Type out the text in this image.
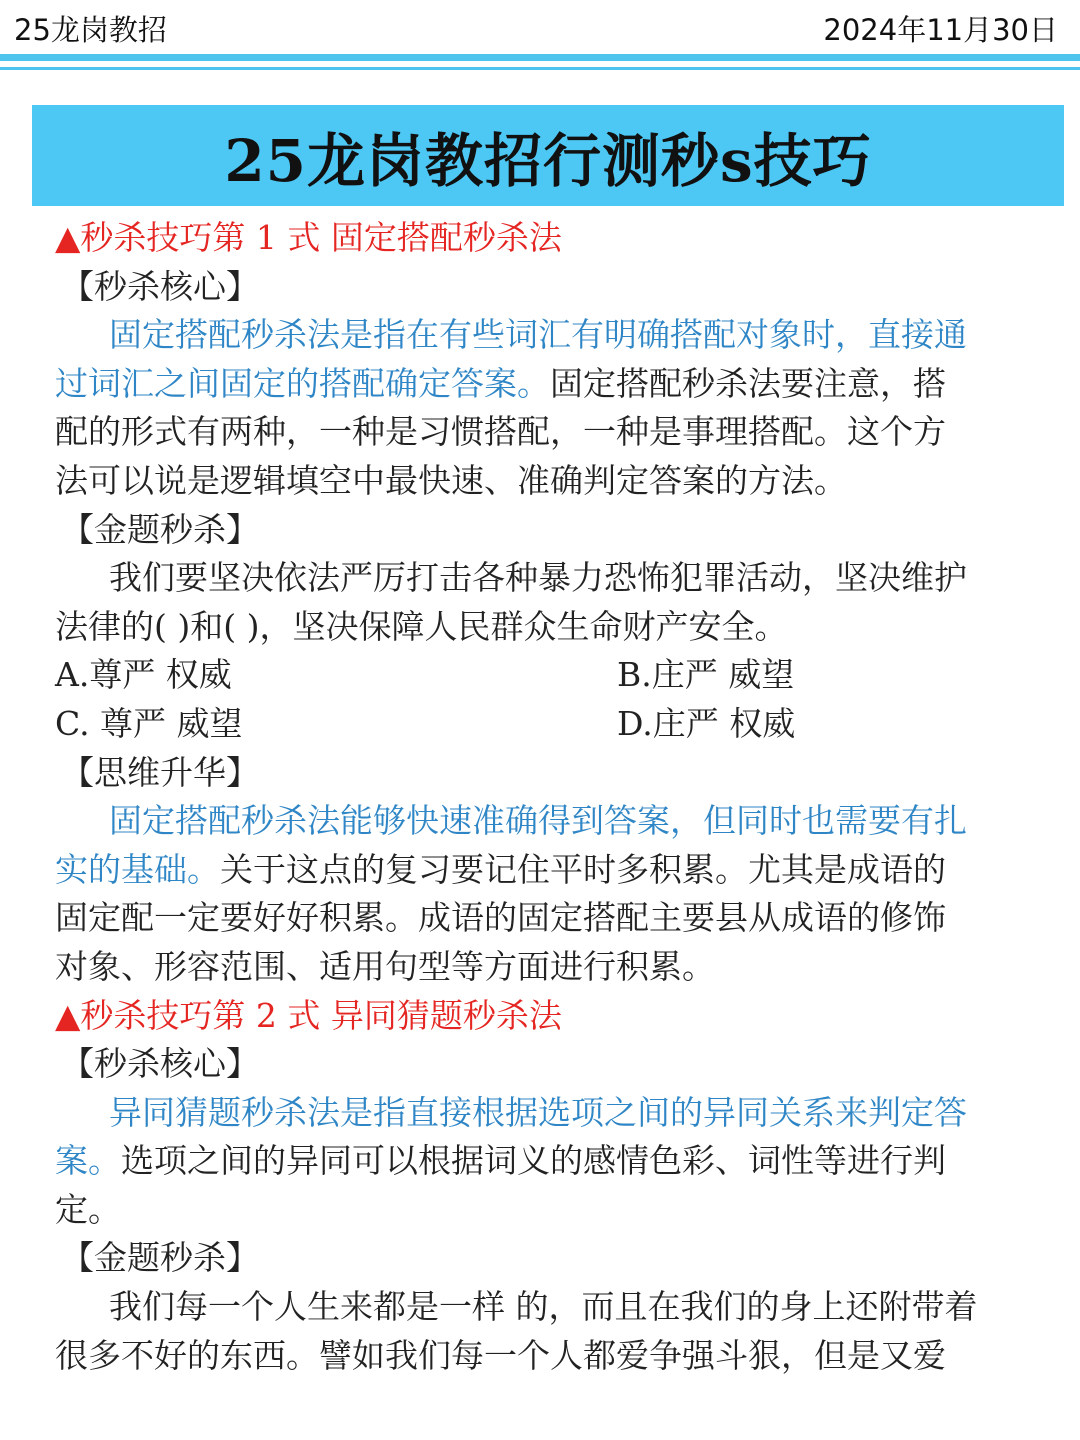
25龙岗教招	2024年11月30日
25龙岗教招行测秒s技巧
▲秒杀技巧第 1 式 固定搭配秒杀法
【秒杀核心】
固定搭配秒杀法是指在有些词汇有明确搭配对象时，直接通
过词汇之间固定的搭配确定答案。固定搭配秒杀法要注意，搭
配的形式有两种，一种是习惯搭配，一种是事理搭配。这个方
法可以说是逻辑填空中最快速、准确判定答案的方法。
【金题秒杀】
我们要坚决依法严厉打击各种暴力恐怖犯罪活动，坚决维护
法律的( )和( )，坚决保障人民群众生命财产安全。
A.尊严 权威	B.庄严 威望
C. 尊严 威望	D.庄严 权威
【思维升华】
固定搭配秒杀法能够快速准确得到答案，但同时也需要有扎
实的基础。关于这点的复习要记住平时多积累。尤其是成语的
固定配一定要好好积累。成语的固定搭配主要县从成语的修饰
对象、形容范围、适用句型等方面进行积累。
▲秒杀技巧第 2 式 异同猜题秒杀法
【秒杀核心】
异同猜题秒杀法是指直接根据选项之间的异同关系来判定答
案。选项之间的异同可以根据词义的感情色彩、词性等进行判
定。
【金题秒杀】
我们每一个人生来都是一样 的，而且在我们的身上还附带着
很多不好的东西。譬如我们每一个人都爱争强斗狠，但是又爱
